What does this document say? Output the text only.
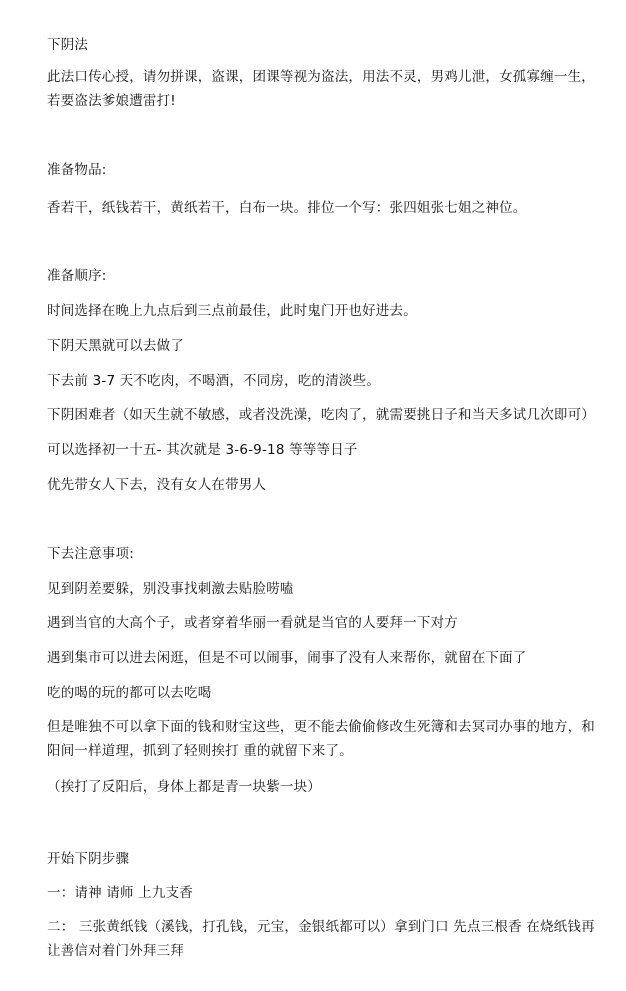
下阴法
此法口传心授，请勿拼课，盗课，团课等视为盗法，用法不灵，男鸡儿泄，女孤寡缠一生，若要盗法爹娘遭雷打!
准备物品:
香若干，纸钱若干，黄纸若干，白布一块。排位一个写：张四姐张七姐之神位。
准备顺序:
时间选择在晚上九点后到三点前最佳，此时鬼门开也好进去。
下阴天黑就可以去做了
下去前 3-7 天不吃肉，不喝酒，不同房，吃的清淡些。
下阴困难者（如天生就不敏感，或者没洗澡，吃肉了，就需要挑日子和当天多试几次即可）
可以选择初一十五- 其次就是 3-6-9-18 等等等日子
优先带女人下去，没有女人在带男人
下去注意事项:
见到阴差要躲，别没事找刺激去贴脸唠嗑
遇到当官的大高个子，或者穿着华丽一看就是当官的人要拜一下对方
遇到集市可以进去闲逛，但是不可以闹事，闹事了没有人来帮你，就留在下面了
吃的喝的玩的都可以去吃喝
但是唯独不可以拿下面的钱和财宝这些，更不能去偷偷修改生死簿和去冥司办事的地方，和阳间一样道理，抓到了轻则挨打 重的就留下来了。
（挨打了反阳后，身体上都是青一块紫一块）
开始下阴步骤
一：请神 请师 上九支香
二： 三张黄纸钱（溪钱，打孔钱，元宝，金银纸都可以）拿到门口 先点三根香 在烧纸钱再让善信对着门外拜三拜
